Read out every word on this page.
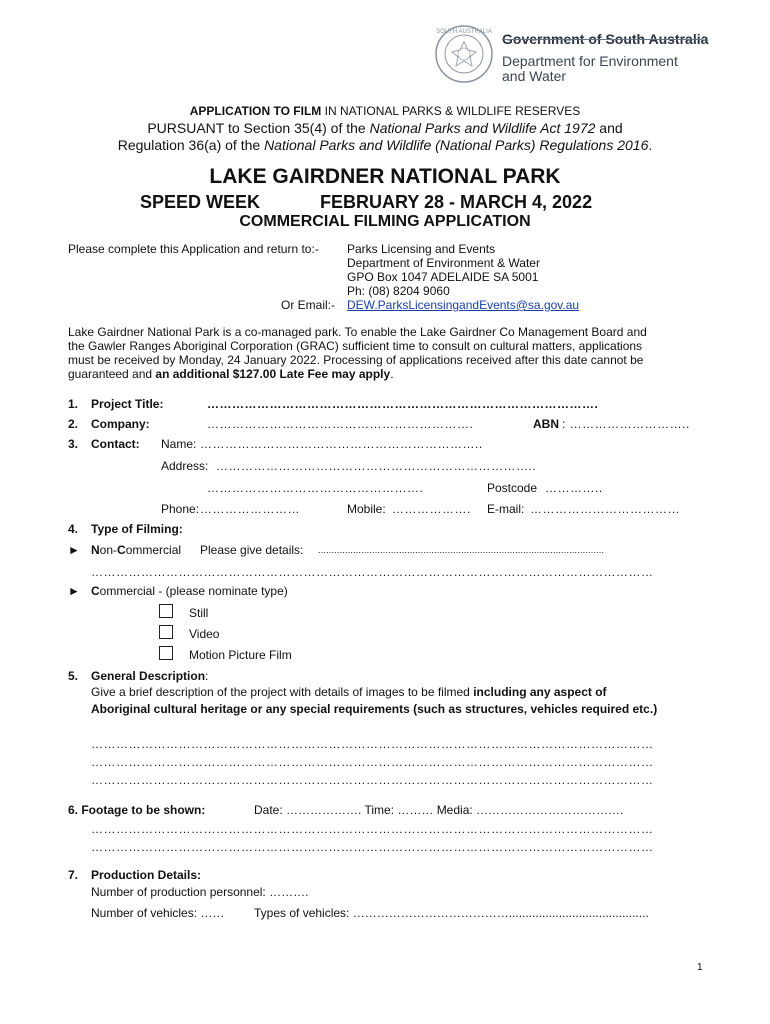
SOUTH AUSTRALIA Government of South Australia
Department for Environment
and Water
APPLICATION TO FILM IN NATIONAL PARKS & WILDLIFE RESERVES
PURSUANT to Section 35(4) of the National Parks and Wildlife Act 1972 and
Regulation 36(a) of the National Parks and Wildlife (National Parks) Regulations 2016.
LAKE GAIRDNER NATIONAL PARK
SPEED WEEK	FEBRUARY 28 - MARCH 4, 2022
COMMERCIAL FILMING APPLICATION
Please complete this Application and return to:- Parks Licensing and Events
Department of Environment & Water
GPO Box 1047 ADELAIDE SA 5001
Ph: (08) 8204 9060
Or Email:- DEW.ParksLicensingandEvents@sa.gov.au
Lake Gairdner National Park is a co-managed park. To enable the Lake Gairdner Co Management Board and
the Gawler Ranges Aboriginal Corporation (GRAC) sufficient time to consult on cultural matters, applications
must be received by Monday, 24 January 2022. Processing of applications received after this date cannot be
guaranteed and an additional $127.00 Late Fee may apply.
1. Project Title:	………………………………………………………………………………….
2. Company:	……………………………………………………….	ABN : ………………………..
3. Contact: Name: …………………………………………………………..
Address: …………………………………………………………………..
…………………………………………….	Postcode …………..
Phone: ……………………	Mobile: ………………. E-mail: ………………………………
4. Type of Filming:
► Non-Commercial Please give details: ..........................................................................................................
………………………………………………………………………………………………………………………
► Commercial - (please nominate type)
Still
Video
Motion Picture Film
5. General Description:
Give a brief description of the project with details of images to be filmed including any aspect of
Aboriginal cultural heritage or any special requirements (such as structures, vehicles required etc.)
………………………………………………………………………………………………………………………
………………………………………………………………………………………………………………………
………………………………………………………………………………………………………………………
6. Footage to be shown:	Date: ………………. Time: ……… Media: ……………………………….
………………………………………………………………………………………………………………………
………………………………………………………………………………………………………………………
7. Production Details:
Number of production personnel: ……….
Number of vehicles: …… Types of vehicles: …………………………………..........................................
1
